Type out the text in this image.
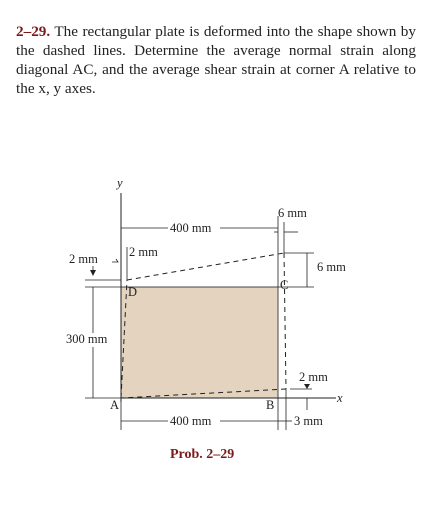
2–29. The rectangular plate is deformed into the shape shown by the dashed lines. Determine the average normal strain along diagonal AC, and the average shear strain at corner A relative to the x, y axes.
y
x
400 mm
400 mm
300 mm
2 mm 2 mm
6 mm
6 mm
2 mm
3 mm
A	B
C
D
Prob. 2–29
